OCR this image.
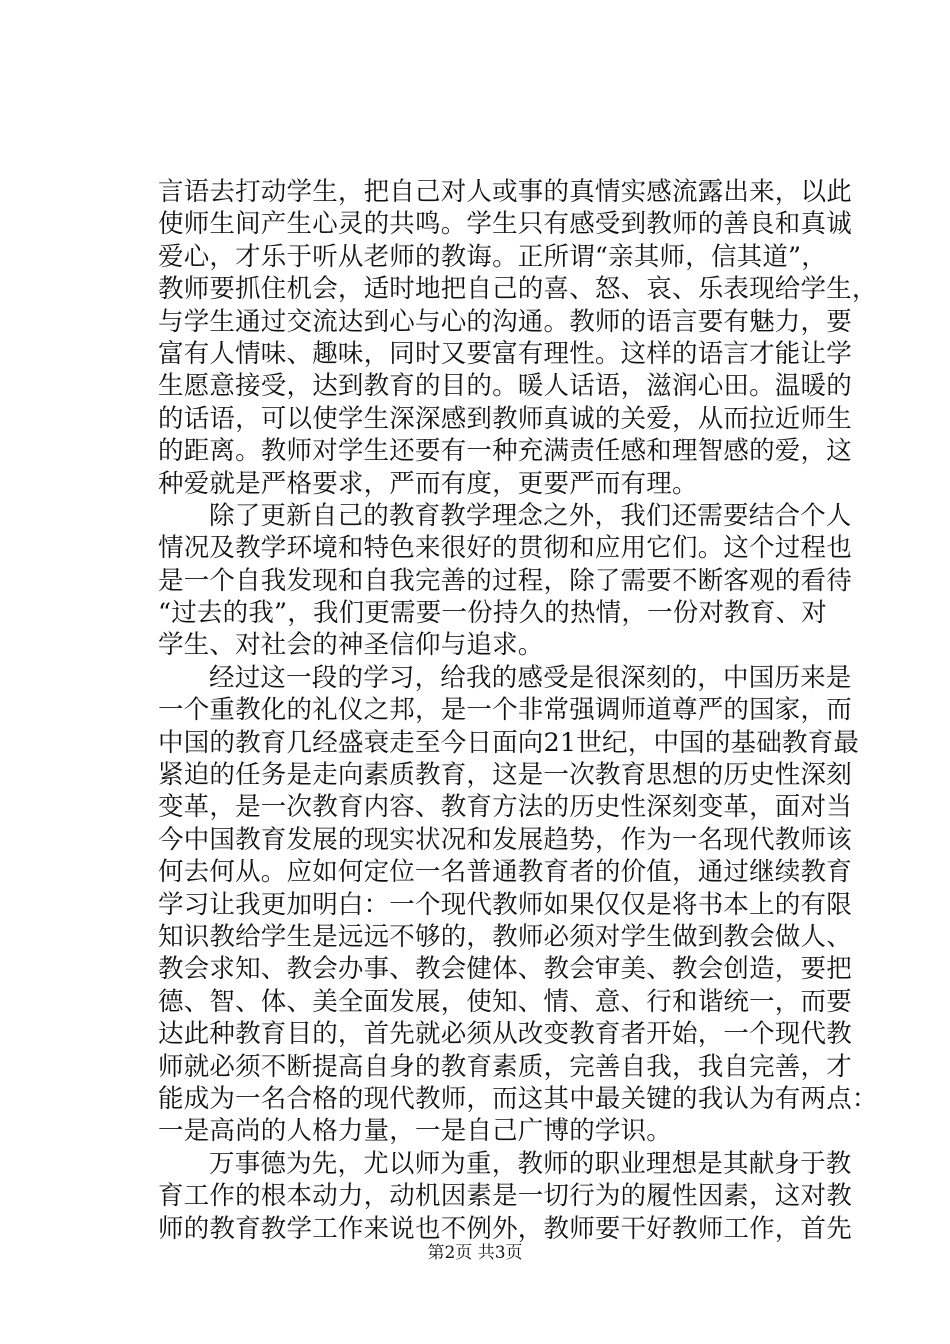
言语去打动学生，把自己对人或事的真情实感流露出来，以此
使师生间产生心灵的共鸣。学生只有感受到教师的善良和真诚
爱心，才乐于听从老师的教诲。正所谓“亲其师，信其道”，
教师要抓住机会，适时地把自己的喜、怒、哀、乐表现给学生，
与学生通过交流达到心与心的沟通。教师的语言要有魅力，要
富有人情味、趣味，同时又要富有理性。这样的语言才能让学
生愿意接受，达到教育的目的。暖人话语，滋润心田。温暖的
的话语，可以使学生深深感到教师真诚的关爱，从而拉近师生
的距离。教师对学生还要有一种充满责任感和理智感的爱，这
种爱就是严格要求，严而有度，更要严而有理。
除了更新自己的教育教学理念之外，我们还需要结合个人
情况及教学环境和特色来很好的贯彻和应用它们。这个过程也
是一个自我发现和自我完善的过程，除了需要不断客观的看待
“过去的我”，我们更需要一份持久的热情，一份对教育、对
学生、对社会的神圣信仰与追求。
经过这一段的学习，给我的感受是很深刻的，中国历来是
一个重教化的礼仪之邦，是一个非常强调师道尊严的国家，而
中国的教育几经盛衰走至今日面向21世纪，中国的基础教育最
紧迫的任务是走向素质教育，这是一次教育思想的历史性深刻
变革，是一次教育内容、教育方法的历史性深刻变革，面对当
今中国教育发展的现实状况和发展趋势，作为一名现代教师该
何去何从。应如何定位一名普通教育者的价值，通过继续教育
学习让我更加明白：一个现代教师如果仅仅是将书本上的有限
知识教给学生是远远不够的，教师必须对学生做到教会做人、
教会求知、教会办事、教会健体、教会审美、教会创造，要把
德、智、体、美全面发展，使知、情、意、行和谐统一，而要
达此种教育目的，首先就必须从改变教育者开始，一个现代教
师就必须不断提高自身的教育素质，完善自我，我自完善，才
能成为一名合格的现代教师，而这其中最关键的我认为有两点：
一是高尚的人格力量，一是自己广博的学识。
万事德为先，尤以师为重，教师的职业理想是其献身于教
育工作的根本动力，动机因素是一切行为的履性因素，这对教
师的教育教学工作来说也不例外，教师要干好教师工作，首先
第2页 共3页
